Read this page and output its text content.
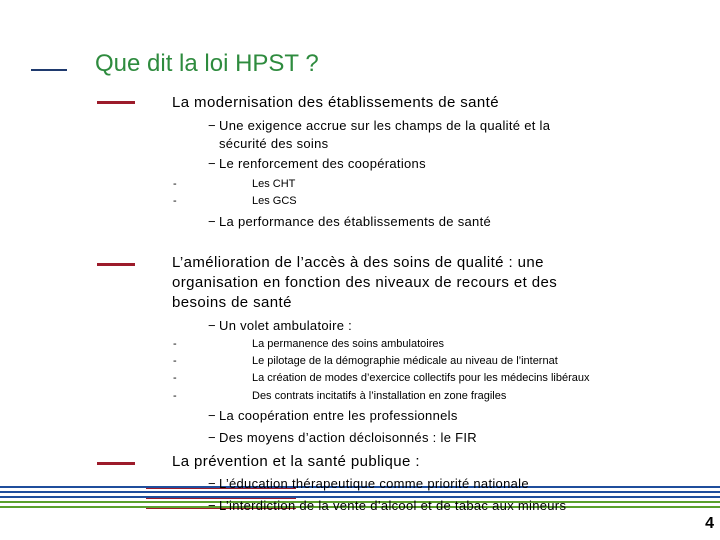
Que dit la loi HPST ?
La modernisation des établissements de santé
− Une exigence accrue sur les champs de la qualité et la
sécurité des soins
− Le renforcement des coopérations
-	Les CHT
-	Les GCS
− La performance des établissements de santé
L’amélioration de l’accès à des soins de qualité : une
organisation en fonction des niveaux de recours et des
besoins de santé
− Un volet ambulatoire :
-	La permanence des soins ambulatoires
-	Le pilotage de la démographie médicale au niveau de l’internat
-	La création de modes d’exercice collectifs pour les médecins libéraux
-	Des contrats incitatifs à l’installation en zone fragiles
− La coopération entre les professionnels
− Des moyens d’action décloisonnés : le FIR
La prévention et la santé publique :
− L’éducation thérapeutique comme priorité nationale
− L’interdiction de la vente d’alcool et de tabac aux mineurs
4
